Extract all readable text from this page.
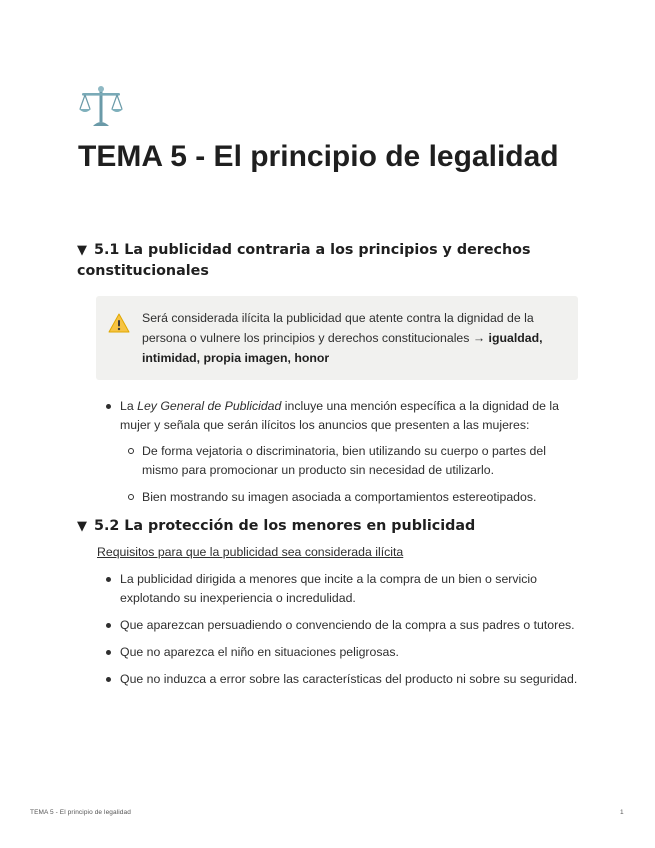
TEMA 5 - El principio de legalidad
▼ 5.1 La publicidad contraria a los principios y derechos constitucionales
Será considerada ilícita la publicidad que atente contra la dignidad de la persona o vulnere los principios y derechos constitucionales → igualdad, intimidad, propia imagen, honor
La Ley General de Publicidad incluye una mención específica a la dignidad de la mujer y señala que serán ilícitos los anuncios que presenten a las mujeres:
De forma vejatoria o discriminatoria, bien utilizando su cuerpo o partes del mismo para promocionar un producto sin necesidad de utilizarlo.
Bien mostrando su imagen asociada a comportamientos estereotipados.
▼ 5.2 La protección de los menores en publicidad
Requisitos para que la publicidad sea considerada ilícita
La publicidad dirigida a menores que incite a la compra de un bien o servicio explotando su inexperiencia o incredulidad.
Que aparezcan persuadiendo o convenciendo de la compra a sus padres o tutores.
Que no aparezca el niño en situaciones peligrosas.
Que no induzca a error sobre las características del producto ni sobre su seguridad.
TEMA 5 - El principio de legalidad	1
